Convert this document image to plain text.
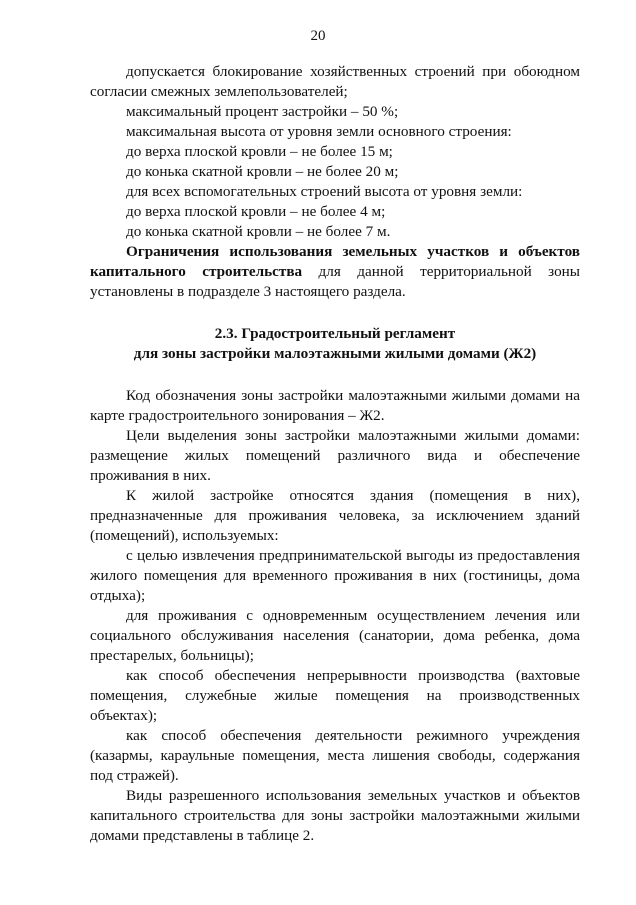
20

допускается блокирование хозяйственных строений при обоюдном согласии смежных землепользователей;

максимальный процент застройки – 50 %;

максимальная высота от уровня земли основного строения:

до верха плоской кровли – не более 15 м;

до конька скатной кровли – не более 20 м;

для всех вспомогательных строений высота от уровня земли:

до верха плоской кровли – не более 4 м;

до конька скатной кровли – не более 7 м.

Ограничения использования земельных участков и объектов капитального строительства для данной территориальной зоны установлены в подразделе 3 настоящего раздела.

2.3. Градостроительный регламент
для зоны застройки малоэтажными жилыми домами (Ж2)

Код обозначения зоны застройки малоэтажными жилыми домами на карте градостроительного зонирования – Ж2.

Цели выделения зоны застройки малоэтажными жилыми домами: размещение жилых помещений различного вида и обеспечение проживания в них.

К жилой застройке относятся здания (помещения в них), предназначенные для проживания человека, за исключением зданий (помещений), используемых:

с целью извлечения предпринимательской выгоды из предоставления жилого помещения для временного проживания в них (гостиницы, дома отдыха);

для проживания с одновременным осуществлением лечения или социального обслуживания населения (санатории, дома ребенка, дома престарелых, больницы);

как способ обеспечения непрерывности производства (вахтовые помещения, служебные жилые помещения на производственных объектах);

как способ обеспечения деятельности режимного учреждения (казармы, караульные помещения, места лишения свободы, содержания под стражей).

Виды разрешенного использования земельных участков и объектов капитального строительства для зоны застройки малоэтажными жилыми домами представлены в таблице 2.
